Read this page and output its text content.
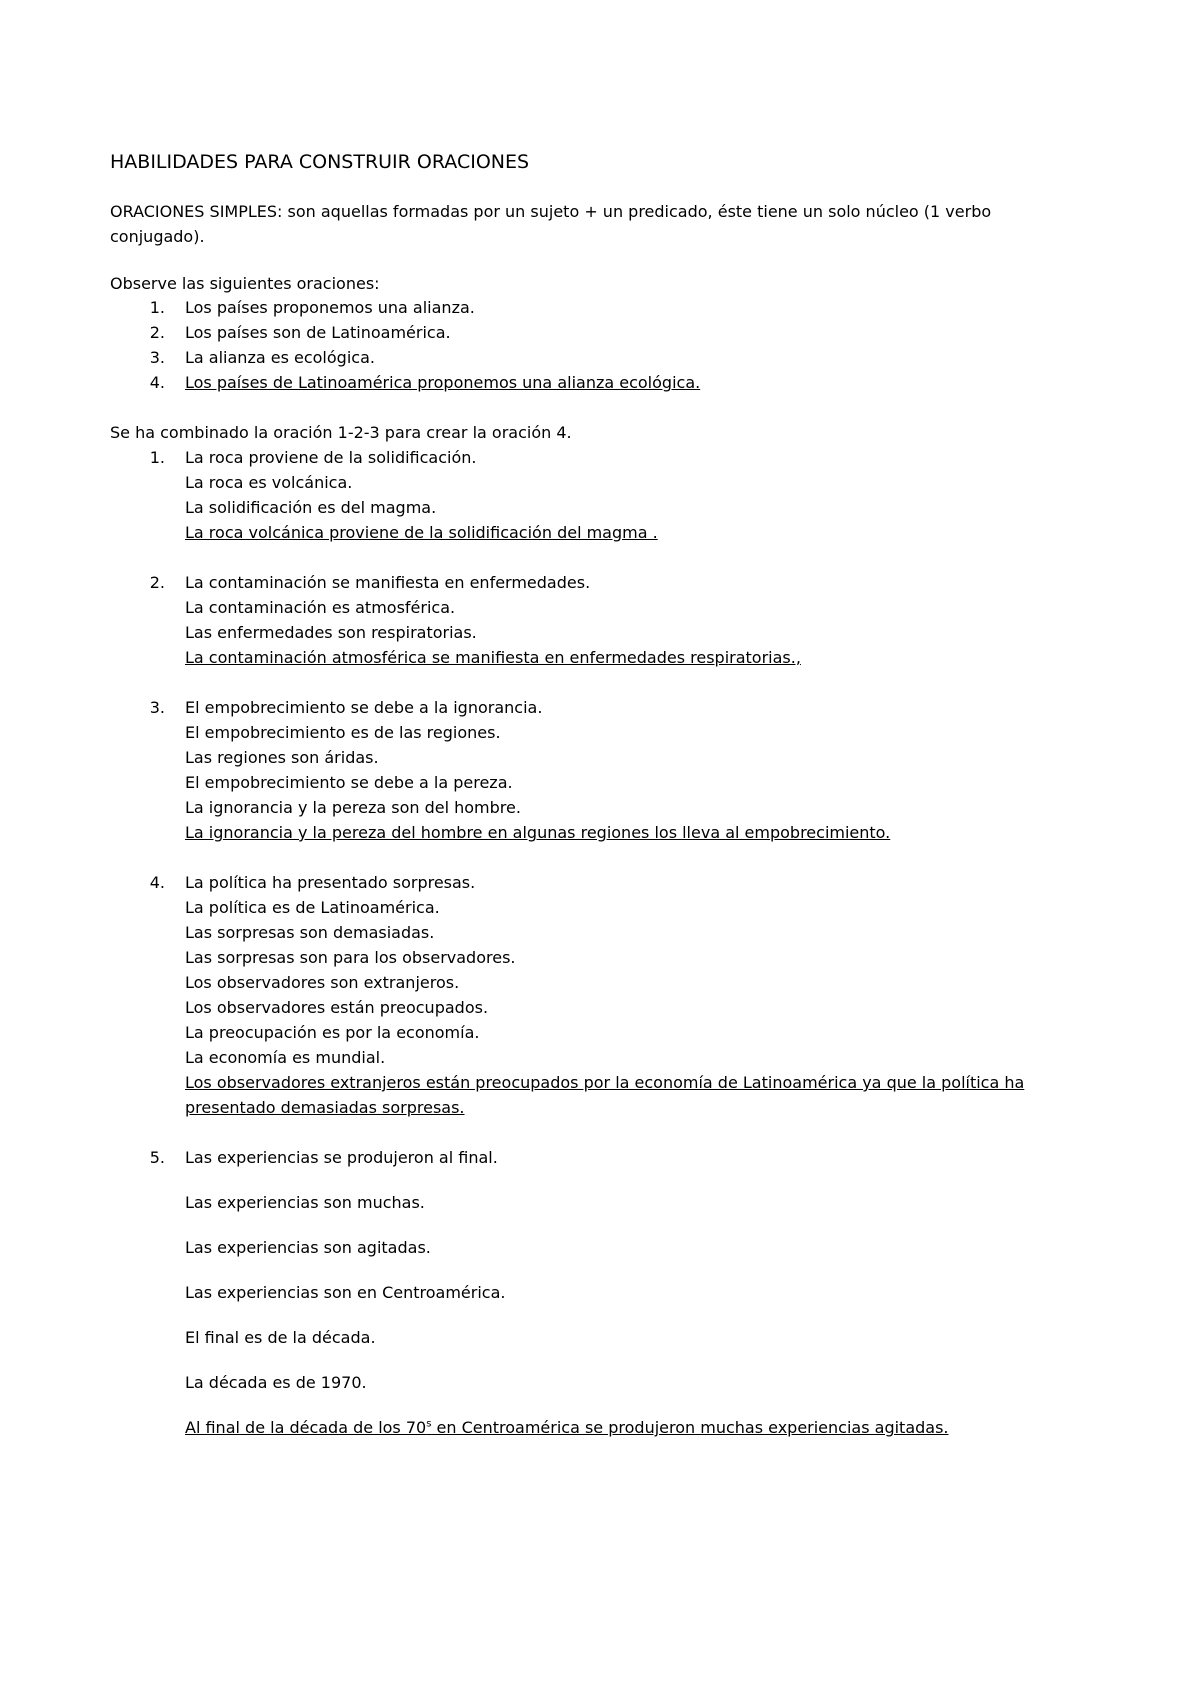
HABILIDADES PARA CONSTRUIR ORACIONES
ORACIONES SIMPLES: son aquellas formadas por un sujeto + un predicado, éste tiene un solo núcleo (1 verbo
conjugado).
Observe las siguientes oraciones:
1. Los países proponemos una alianza.
2. Los países son de Latinoamérica.
3. La alianza es ecológica.
4. Los países de Latinoamérica proponemos una alianza ecológica.
Se ha combinado la oración 1-2-3 para crear la oración 4.
1. La roca proviene de la solidificación.
La roca es volcánica.
La solidificación es del magma.
La roca volcánica proviene de la solidificación del magma .
2. La contaminación se manifiesta en enfermedades.
La contaminación es atmosférica.
Las enfermedades son respiratorias.
La contaminación atmosférica se manifiesta en enfermedades respiratorias.,
3. El empobrecimiento se debe a la ignorancia.
El empobrecimiento es de las regiones.
Las regiones son áridas.
El empobrecimiento se debe a la pereza.
La ignorancia y la pereza son del hombre.
La ignorancia y la pereza del hombre en algunas regiones los lleva al empobrecimiento.
4. La política ha presentado sorpresas.
La política es de Latinoamérica.
Las sorpresas son demasiadas.
Las sorpresas son para los observadores.
Los observadores son extranjeros.
Los observadores están preocupados.
La preocupación es por la economía.
La economía es mundial.
Los observadores extranjeros están preocupados por la economía de Latinoamérica ya que la política ha
presentado demasiadas sorpresas.
5. Las experiencias se produjeron al final.
Las experiencias son muchas.
Las experiencias son agitadas.
Las experiencias son en Centroamérica.
El final es de la década.
La década es de 1970.
Al final de la década de los 70$^s$ en Centroamérica se produjeron muchas experiencias agitadas.
